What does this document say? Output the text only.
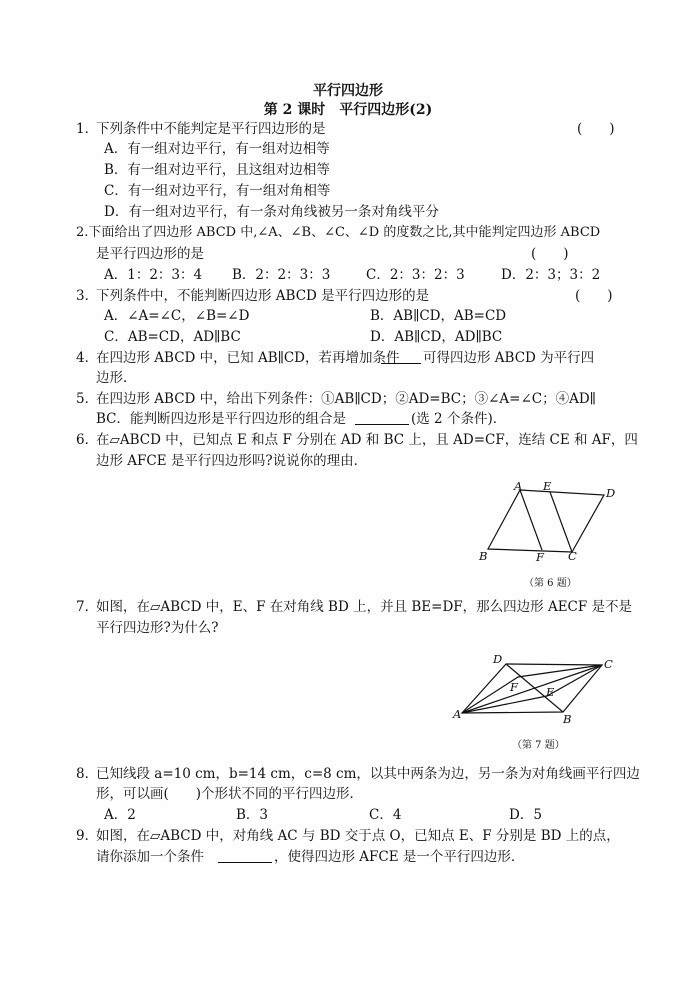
平行四边形
第 2 课时　平行四边形(2)
1．
下列条件中不能判定是平行四边形的是	(　　)
A．有一组对边平行，有一组对边相等
B．有一组对边平行，且这组对边相等
C．有一组对边平行，有一组对角相等
D．有一组对边平行，有一条对角线被另一条对角线平分
2.下面给出了四边形 ABCD 中,∠A、∠B、∠C、∠D 的度数之比,其中能判定四边形 ABCD
是平行四边形的是	(　　)
A．1：2：3：4 B．2：2：3：3	C．2：3：2：3	D．2：3；3：2
3．
下列条件中，不能判断四边形 ABCD 是平行四边形的是	(　　)
A．∠A=∠C，∠B=∠D	B．AB∥CD，AB=CD
C．AB=CD，AD∥BC	D．AB∥CD，AD∥BC
4．
在四边形 ABCD 中，已知 AB∥CD，若再增加条件 可得四边形 ABCD 为平行四
边形．
5．
在四边形 ABCD 中，给出下列条件：①AB∥CD；②AD=BC；③∠A=∠C；④AD∥
BC．能判断四边形是平行四边形的组合是	(选 2 个条件)．
6．
在▱ABCD 中，已知点 E 和点 F 分别在 AD 和 BC 上，且 AD=CF，连结 CE 和 AF，四
边形 AFCE 是平行四边形吗?说说你的理由．
A E	D
B	F C
（第 6 题）
7．
如图，在▱ABCD 中，E、F 在对角线 BD 上，并且 BE=DF，那么四边形 AECF 是不是
平行四边形?为什么?
D	C
F E
A	B
（第 7 题）
8．
已知线段 a=10 cm，b=14 cm，c=8 cm，以其中两条为边，另一条为对角线画平行四边
形，可以画(　　)个形状不同的平行四边形．
A．2	B．3	C．4	D．5
9．
如图，在▱ABCD 中，对角线 AC 与 BD 交于点 O，已知点 E、F 分别是 BD 上的点，
请你添加一个条件	，使得四边形 AFCE 是一个平行四边形．
